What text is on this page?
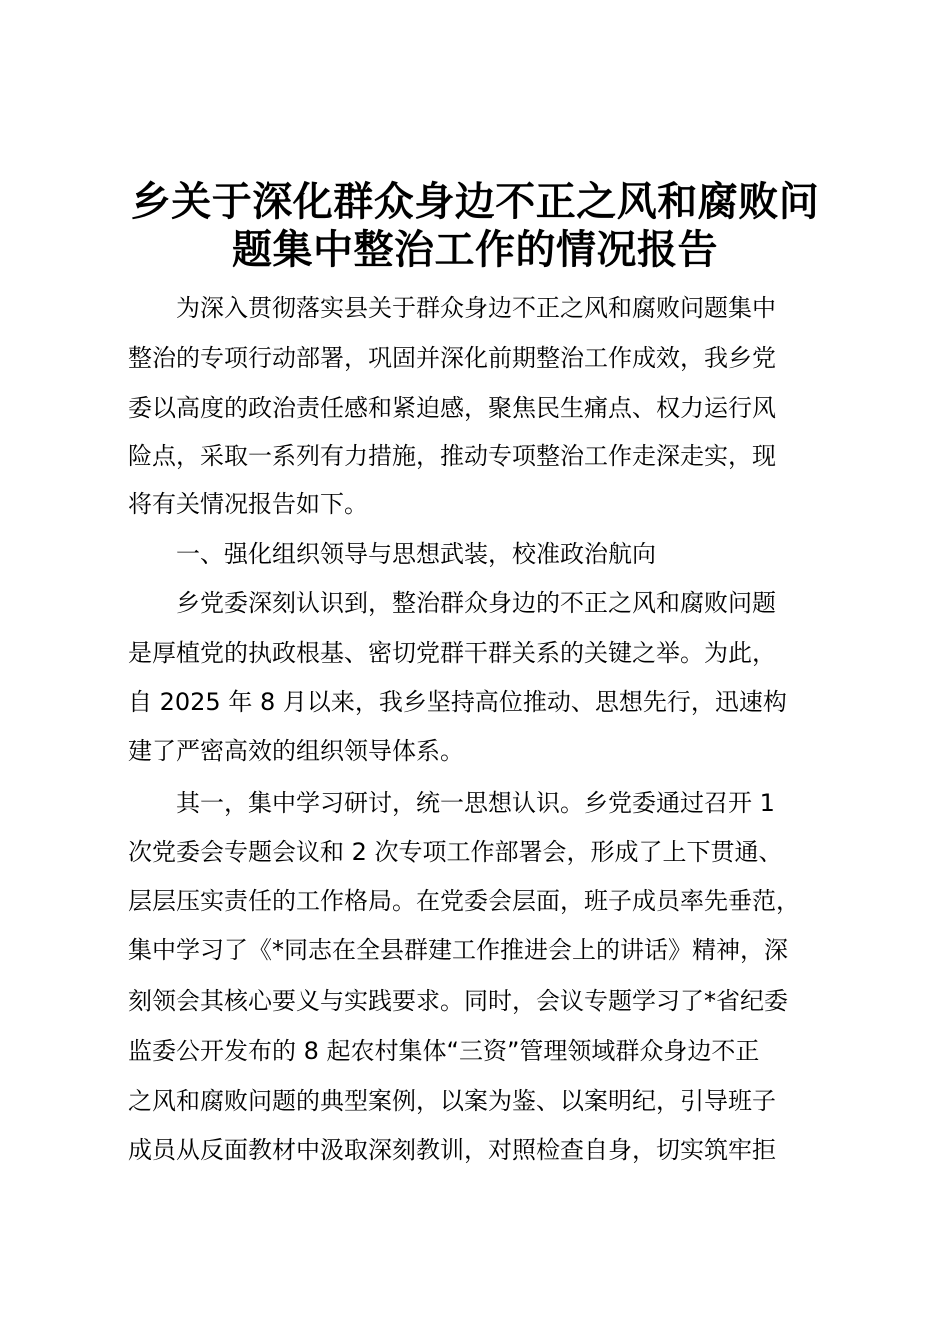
乡关于深化群众身边不正之风和腐败问
题集中整治工作的情况报告

为深入贯彻落实县关于群众身边不正之风和腐败问题集中

整治的专项行动部署，巩固并深化前期整治工作成效，我乡党

委以高度的政治责任感和紧迫感，聚焦民生痛点、权力运行风

险点，采取一系列有力措施，推动专项整治工作走深走实，现

将有关情况报告如下。

一、强化组织领导与思想武装，校准政治航向

乡党委深刻认识到，整治群众身边的不正之风和腐败问题

是厚植党的执政根基、密切党群干群关系的关键之举。为此，

自 2025 年 8 月以来，我乡坚持高位推动、思想先行，迅速构

建了严密高效的组织领导体系。

其一，集中学习研讨，统一思想认识。乡党委通过召开 1

次党委会专题会议和 2 次专项工作部署会，形成了上下贯通、

层层压实责任的工作格局。在党委会层面，班子成员率先垂范，

集中学习了《*同志在全县群建工作推进会上的讲话》精神，深

刻领会其核心要义与实践要求。同时，会议专题学习了*省纪委

监委公开发布的 8 起农村集体“三资”管理领域群众身边不正

之风和腐败问题的典型案例，以案为鉴、以案明纪，引导班子

成员从反面教材中汲取深刻教训，对照检查自身，切实筑牢拒
